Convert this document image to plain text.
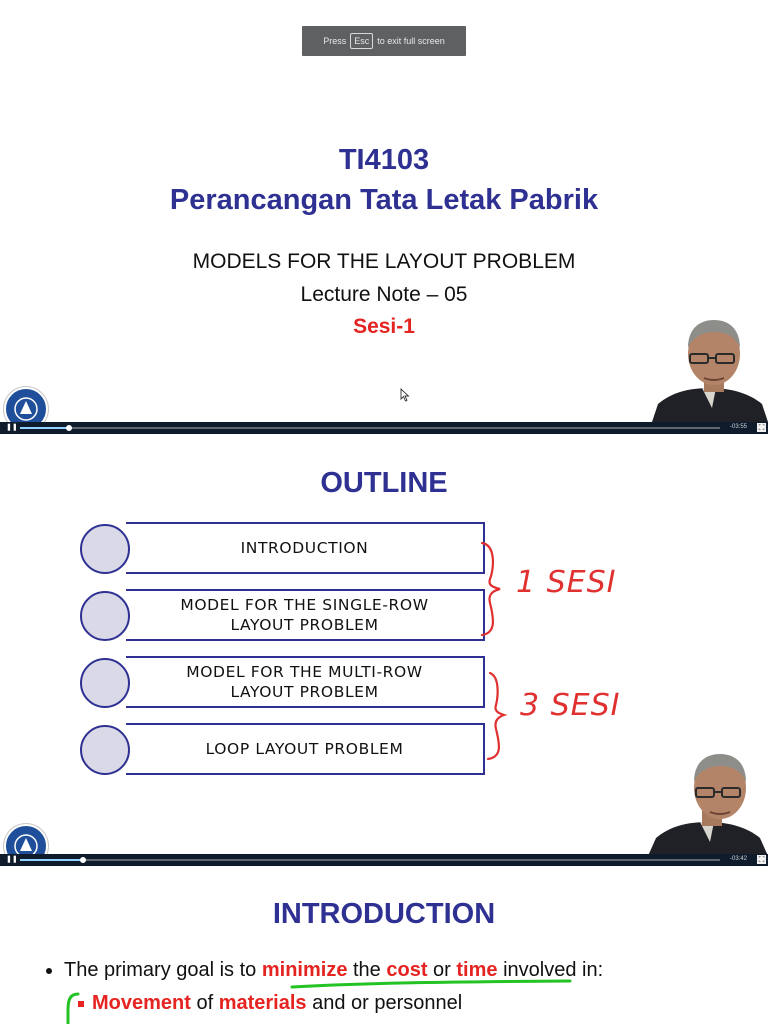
Press Esc to exit full screen
TI4103
Perancangan Tata Letak Pabrik
MODELS FOR THE LAYOUT PROBLEM
Lecture Note – 05
Sesi-1
❚❚	-03:55 ⛶
OUTLINE
INTRODUCTION
MODEL FOR THE SINGLE-ROW
LAYOUT PROBLEM
MODEL FOR THE MULTI-ROW
LAYOUT PROBLEM
LOOP LAYOUT PROBLEM
1 SESI
3 SESI
❚❚	-03:42 ⛶
INTRODUCTION
The primary goal is to minimize the cost or time involved in:
Movement of materials and or personnel
